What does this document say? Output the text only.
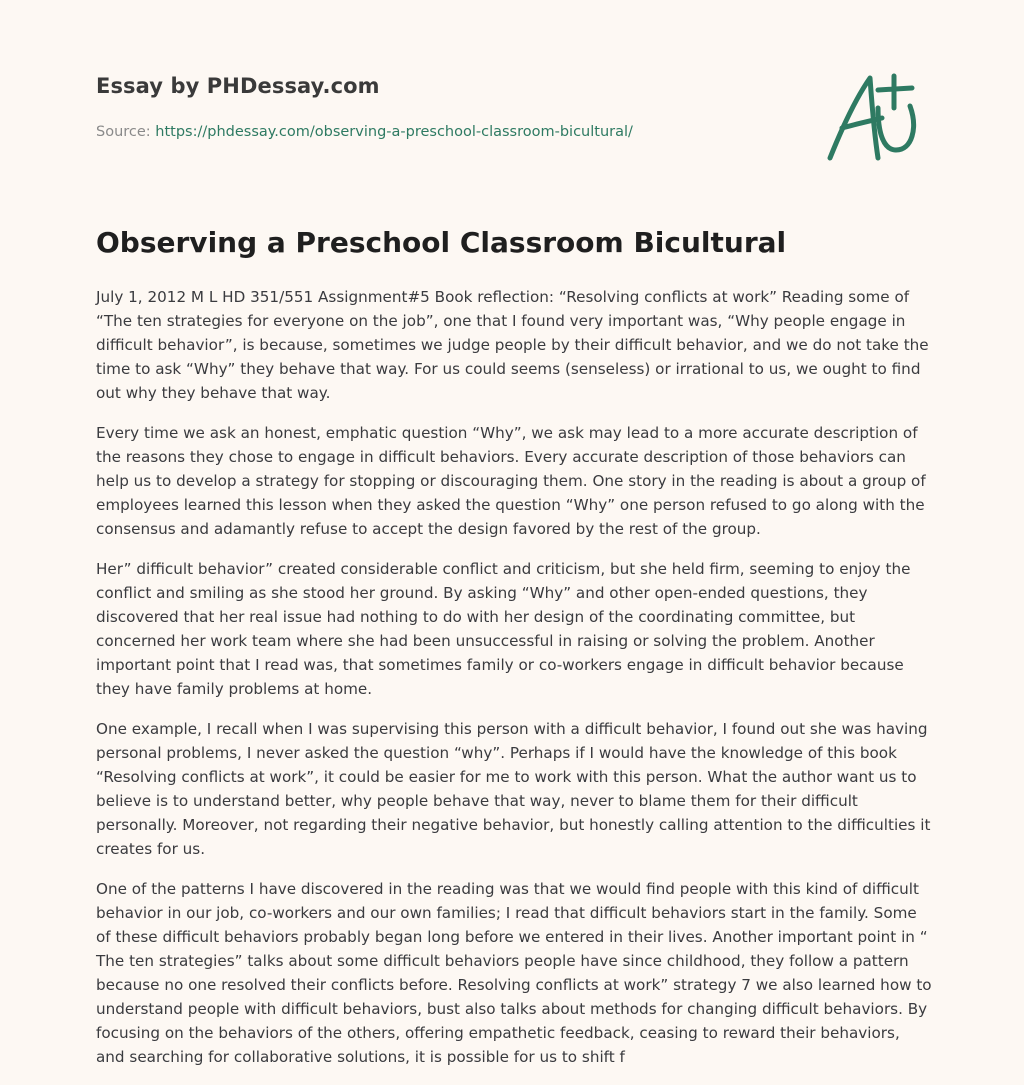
Essay by PHDessay.com
Source: https://phdessay.com/observing-a-preschool-classroom-bicultural/
Observing a Preschool Classroom Bicultural

July 1, 2012 M L HD 351/551 Assignment#5 Book reflection: “Resolving conflicts at work” Reading some of “The ten strategies for everyone on the job”, one that I found very important was, “Why people engage in difficult behavior”, is because, sometimes we judge people by their difficult behavior, and we do not take the time to ask “Why” they behave that way. For us could seems (senseless) or irrational to us, we ought to find out why they behave that way.

Every time we ask an honest, emphatic question “Why”, we ask may lead to a more accurate description of the reasons they chose to engage in difficult behaviors. Every accurate description of those behaviors can help us to develop a strategy for stopping or discouraging them. One story in the reading is about a group of employees learned this lesson when they asked the question “Why” one person refused to go along with the consensus and adamantly refuse to accept the design favored by the rest of the group.

Her” difficult behavior” created considerable conflict and criticism, but she held firm, seeming to enjoy the conflict and smiling as she stood her ground. By asking “Why” and other open-ended questions, they discovered that her real issue had nothing to do with her design of the coordinating committee, but concerned her work team where she had been unsuccessful in raising or solving the problem. Another important point that I read was, that sometimes family or co-workers engage in difficult behavior because they have family problems at home.

One example, I recall when I was supervising this person with a difficult behavior, I found out she was having personal problems, I never asked the question “why”. Perhaps if I would have the knowledge of this book “Resolving conflicts at work”, it could be easier for me to work with this person. What the author want us to believe is to understand better, why people behave that way, never to blame them for their difficult personally. Moreover, not regarding their negative behavior, but honestly calling attention to the difficulties it creates for us.

One of the patterns I have discovered in the reading was that we would find people with this kind of difficult behavior in our job, co-workers and our own families; I read that difficult behaviors start in the family. Some of these difficult behaviors probably began long before we entered in their lives. Another important point in “ The ten strategies” talks about some difficult behaviors people have since childhood, they follow a pattern because no one resolved their conflicts before. Resolving conflicts at work” strategy 7 we also learned how to understand people with difficult behaviors, bust also talks about methods for changing difficult behaviors. By focusing on the behaviors of the others, offering empathetic feedback, ceasing to reward their behaviors, and searching for collaborative solutions, it is possible for us to shift f
